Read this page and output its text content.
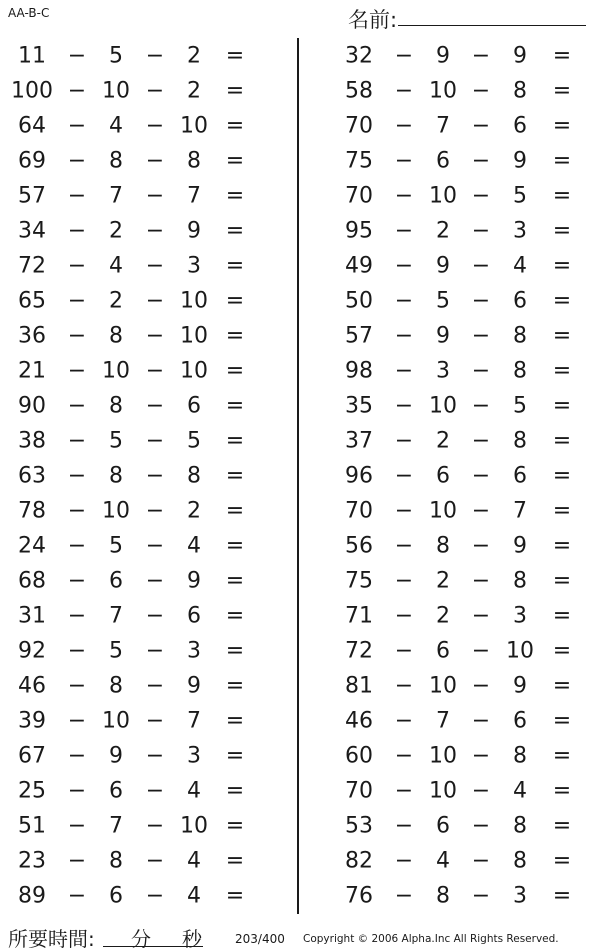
AA-B-C	名前:
11 − 5 − 2 =
100 − 10 − 2 =
64 − 4 − 10 =
69 − 8 − 8 =
57 − 7 − 7 =
34 − 2 − 9 =
72 − 4 − 3 =
65 − 2 − 10 =
36 − 8 − 10 =
21 − 10 − 10 =
90 − 8 − 6 =
38 − 5 − 5 =
63 − 8 − 8 =
78 − 10 − 2 =
24 − 5 − 4 =
68 − 6 − 9 =
31 − 7 − 6 =
92 − 5 − 3 =
46 − 8 − 9 =
39 − 10 − 7 =
67 − 9 − 3 =
25 − 6 − 4 =
51 − 7 − 10 =
23 − 8 − 4 =
89 − 6 − 4 =
32 − 9 − 9 =
58 − 10 − 8 =
70 − 7 − 6 =
75 − 6 − 9 =
70 − 10 − 5 =
95 − 2 − 3 =
49 − 9 − 4 =
50 − 5 − 6 =
57 − 9 − 8 =
98 − 3 − 8 =
35 − 10 − 5 =
37 − 2 − 8 =
96 − 6 − 6 =
70 − 10 − 7 =
56 − 8 − 9 =
75 − 2 − 8 =
71 − 2 − 3 =
72 − 6 − 10 =
81 − 10 − 9 =
46 − 7 − 6 =
60 − 10 − 8 =
70 − 10 − 4 =
53 − 6 − 8 =
82 − 4 − 8 =
76 − 8 − 3 =
所要時間: 分 秒	203/400 Copyright © 2006 Alpha.Inc All Rights Reserved.
